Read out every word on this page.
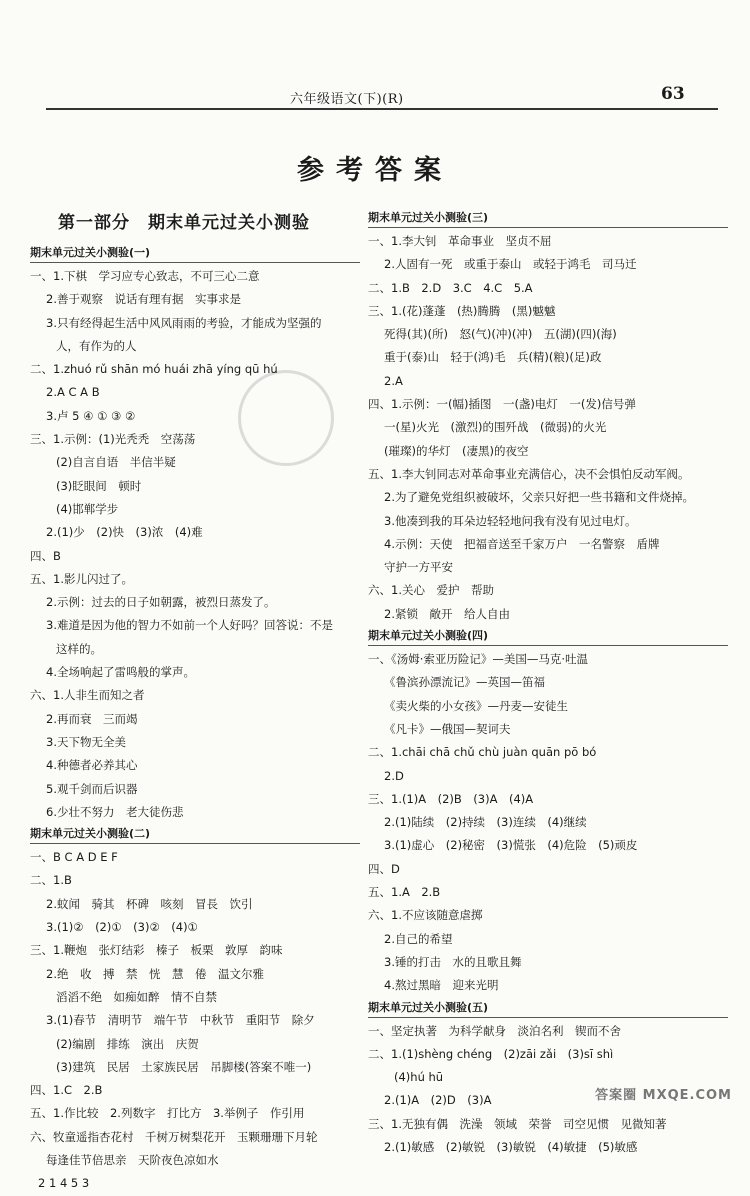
六年级语文(下)(R)	63
参考答案
第一部分　期末单元过关小测验
期末单元过关小测验(一)
一、1.下棋　学习应专心致志，不可三心二意
2.善于观察　说话有理有据　实事求是
3.只有经得起生活中风风雨雨的考验，才能成为坚强的
人，有作为的人
二、1.zhuó rǔ shān mó huái zhā yíng qū hú
2.A C A B
3.卢 5 ④ ① ③ ②
三、1.示例：(1)光秃秃　空荡荡
(2)自言自语　半信半疑
(3)眨眼间　顿时
(4)邯郸学步
2.(1)少　(2)快　(3)浓　(4)难
四、B
五、1.影儿闪过了。
2.示例：过去的日子如朝露，被烈日蒸发了。
3.难道是因为他的智力不如前一个人好吗？回答说：不是
这样的。
4.全场响起了雷鸣般的掌声。
六、1.人非生而知之者
2.再而衰　三而竭
3.天下物无全美
4.种德者必养其心
5.观千剑而后识器
6.少壮不努力　老大徒伤悲
期末单元过关小测验(二)
一、B C A D E F
二、1.B
2.蚊闻　骑其　杯碑　咳刻　冒長　饮引
3.(1)②　(2)①　(3)②　(4)①
三、1.鞭炮　张灯结彩　榛子　板栗　敦厚　韵味
2.绝　收　搏　禁　恍　慧　倦　温文尔雅
滔滔不绝　如痴如醉　情不自禁
3.(1)春节　清明节　端午节　中秋节　重阳节　除夕
(2)编剧　排练　演出　庆贺
(3)建筑　民居　土家族民居　吊脚楼(答案不唯一)
四、1.C　2.B
五、1.作比较　2.列数字　打比方　3.举例子　作引用
六、牧童遥指杏花村　千树万树梨花开　玉颗珊珊下月轮
每逢佳节倍思亲　天阶夜色凉如水
2 1 4 5 3
期末单元过关小测验(三)
一、1.李大钊　革命事业　坚贞不屈
2.人固有一死　或重于泰山　或轻于鸿毛　司马迁
二、1.B　2.D　3.C　4.C　5.A
三、1.(花)蓬蓬　(热)腾腾　(黑)魆魆
死得(其)(所)　怒(气)(冲)(冲)　五(湖)(四)(海)
重于(泰)山　轻于(鸿)毛　兵(精)(粮)(足)政
2.A
四、1.示例：一(幅)插图　一(盏)电灯　一(发)信号弹
一(星)火光　(激烈)的围歼战　(微弱)的火光
(璀璨)的华灯　(凄黑)的夜空
五、1.李大钊同志对革命事业充满信心，决不会惧怕反动军阀。
2.为了避免党组织被破坏，父亲只好把一些书籍和文件烧掉。
3.他凑到我的耳朵边轻轻地问我有没有见过电灯。
4.示例：天使　把福音送至千家万户　一名警察　盾牌
守护一方平安
六、1.关心　爱护　帮助
2.紧锁　敞开　给人自由
期末单元过关小测验(四)
一、《汤姆·索亚历险记》—美国—马克·吐温
《鲁滨孙漂流记》—英国—笛福
《卖火柴的小女孩》—丹麦—安徒生
《凡卡》—俄国—契诃夫
二、1.chāi chā chǔ chù juàn quān pō bó
2.D
三、1.(1)A　(2)B　(3)A　(4)A
2.(1)陆续　(2)持续　(3)连续　(4)继续
3.(1)虚心　(2)秘密　(3)慌张　(4)危险　(5)顽皮
四、D
五、1.A　2.B
六、1.不应该随意虐掷
2.自己的希望
3.锤的打击　水的且歌且舞
4.熬过黑暗　迎来光明
期末单元过关小测验(五)
一、坚定执著　为科学献身　淡泊名利　锲而不舍
二、1.(1)shèng chéng　(2)zāi zǎi　(3)sī shì
(4)hú hū
2.(1)A　(2)D　(3)A
三、1.无独有偶　洗澡　领域　荣誉　司空见惯　见微知著
2.(1)敏感　(2)敏锐　(3)敏锐　(4)敏捷　(5)敏感
答案圈 MXQE.COM
